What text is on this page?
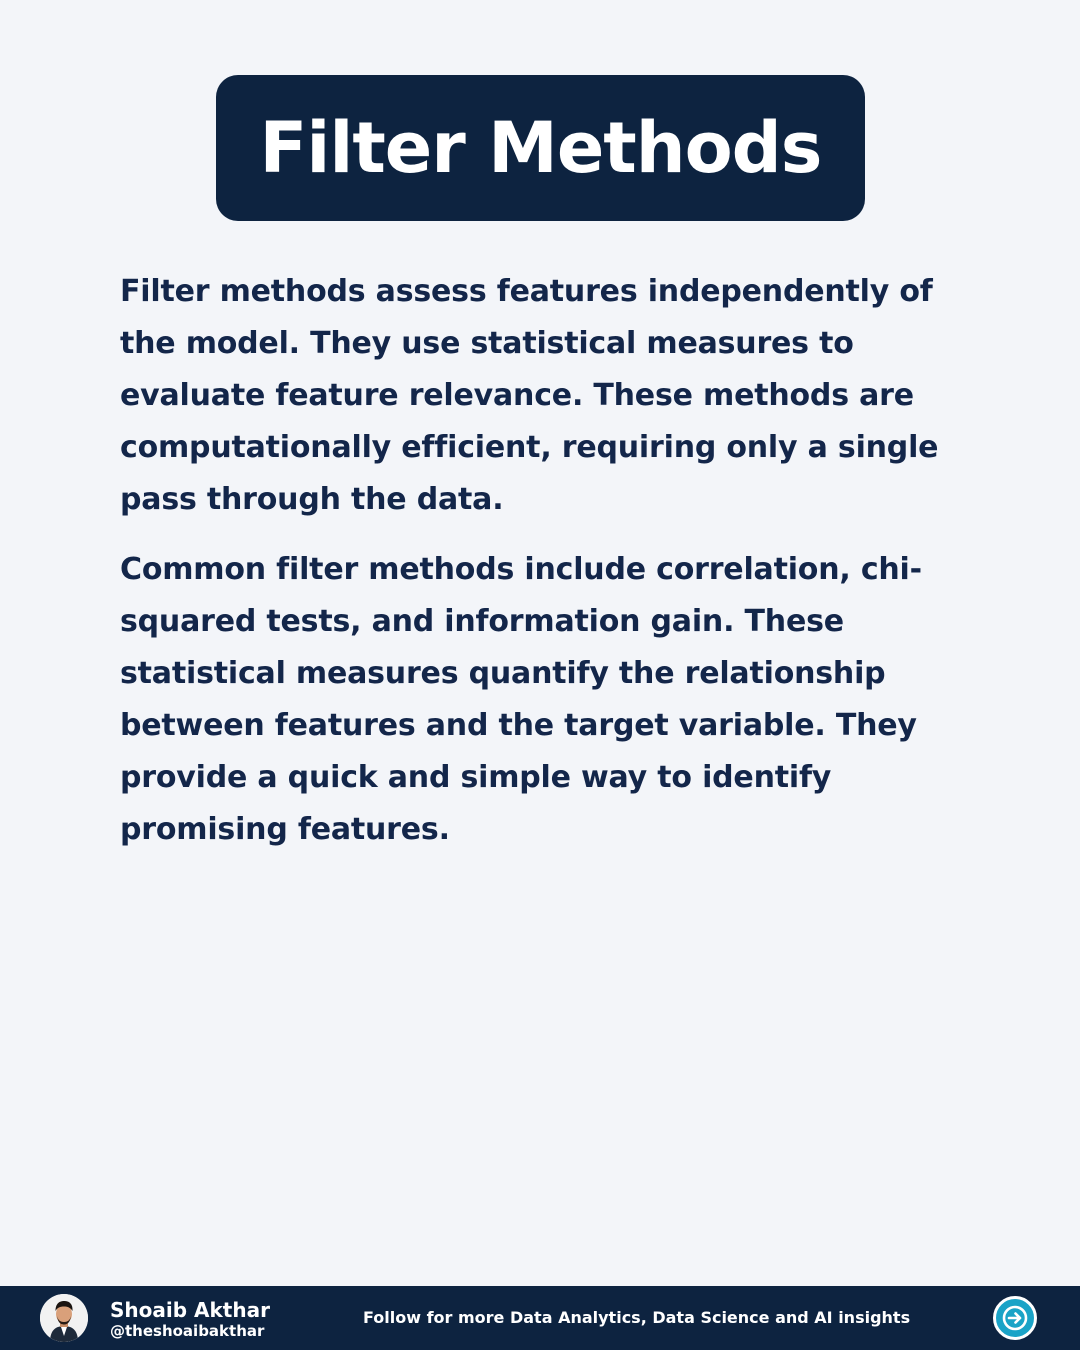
Filter Methods

Filter methods assess features independently of the model. They use statistical measures to evaluate feature relevance. These methods are computationally efficient, requiring only a single pass through the data.

Common filter methods include correlation, chi-squared tests, and information gain. These statistical measures quantify the relationship between features and the target variable. They provide a quick and simple way to identify promising features.

Shoaib Akthar
@theshoaibakthar
Follow for more Data Analytics, Data Science and AI insights
